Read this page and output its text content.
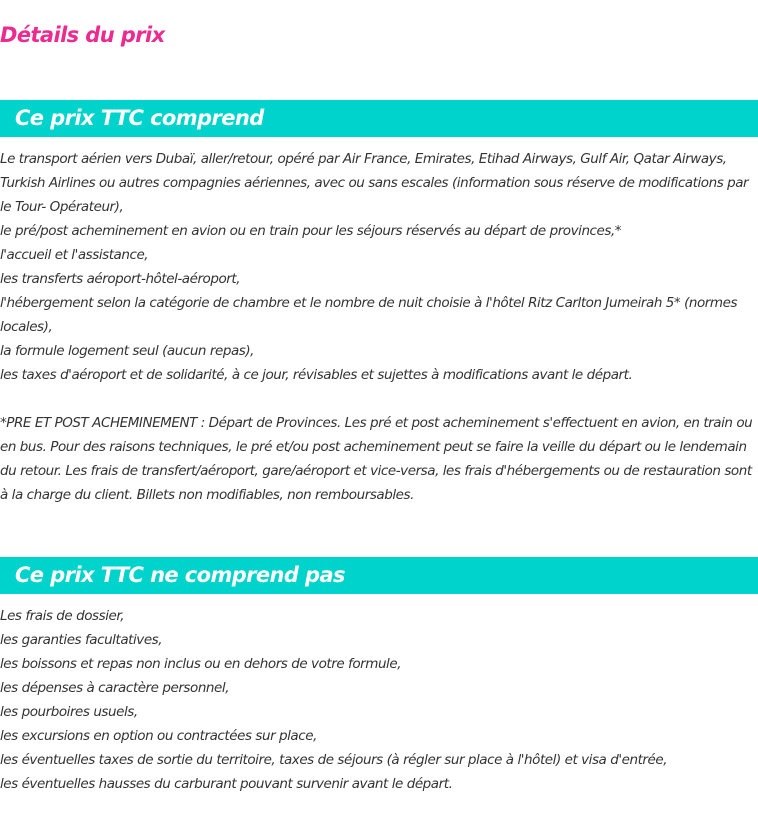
Détails du prix
Ce prix TTC comprend
Le transport aérien vers Dubaï, aller/retour, opéré par Air France, Emirates, Etihad Airways, Gulf Air, Qatar Airways, Turkish Airlines ou autres compagnies aériennes, avec ou sans escales (information sous réserve de modifications par le Tour- Opérateur),
le pré/post acheminement en avion ou en train pour les séjours réservés au départ de provinces,*
l'accueil et l'assistance,
les transferts aéroport-hôtel-aéroport,
l'hébergement selon la catégorie de chambre et le nombre de nuit choisie à l'hôtel Ritz Carlton Jumeirah 5* (normes locales),
la formule logement seul (aucun repas),
les taxes d'aéroport et de solidarité, à ce jour, révisables et sujettes à modifications avant le départ.

*PRE ET POST ACHEMINEMENT : Départ de Provinces. Les pré et post acheminement s'effectuent en avion, en train ou en bus. Pour des raisons techniques, le pré et/ou post acheminement peut se faire la veille du départ ou le lendemain du retour. Les frais de transfert/aéroport, gare/aéroport et vice-versa, les frais d'hébergements ou de restauration sont à la charge du client. Billets non modifiables, non remboursables.

Ce prix TTC ne comprend pas
Les frais de dossier,
les garanties facultatives,
les boissons et repas non inclus ou en dehors de votre formule,
les dépenses à caractère personnel,
les pourboires usuels,
les excursions en option ou contractées sur place,
les éventuelles taxes de sortie du territoire, taxes de séjours (à régler sur place à l'hôtel) et visa d'entrée,
les éventuelles hausses du carburant pouvant survenir avant le départ.
